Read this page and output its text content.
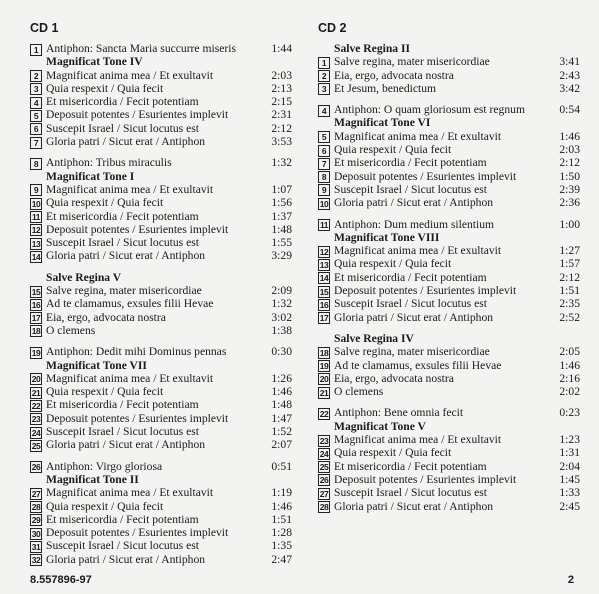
CD 1
1 Antiphon: Sancta Maria succurre miseris	1:44
Magnificat Tone IV
2 Magnificat anima mea / Et exultavit	2:03
3 Quia respexit / Quia fecit	2:13
4 Et misericordia / Fecit potentiam	2:15
5 Deposuit potentes / Esurientes implevit	2:31
6 Suscepit Israel / Sicut locutus est	2:12
7 Gloria patri / Sicut erat / Antiphon	3:53
8 Antiphon: Tribus miraculis	1:32
Magnificat Tone I
9 Magnificat anima mea / Et exultavit	1:07
10 Quia respexit / Quia fecit	1:56
11 Et misericordia / Fecit potentiam	1:37
12 Deposuit potentes / Esurientes implevit	1:48
13 Suscepit Israel / Sicut locutus est	1:55
14 Gloria patri / Sicut erat / Antiphon	3:29
Salve Regina V
15 Salve regina, mater misericordiae	2:09
16 Ad te clamamus, exsules filii Hevae	1:32
17 Eia, ergo, advocata nostra	3:02
18 O clemens	1:38
19 Antiphon: Dedit mihi Dominus pennas	0:30
Magnificat Tone VII
20 Magnificat anima mea / Et exultavit	1:26
21 Quia respexit / Quia fecit	1:46
22 Et misericordia / Fecit potentiam	1:48
23 Deposuit potentes / Esurientes implevit	1:47
24 Suscepit Israel / Sicut locutus est	1:52
25 Gloria patri / Sicut erat / Antiphon	2:07
26 Antiphon: Virgo gloriosa	0:51
Magnificat Tone II
27 Magnificat anima mea / Et exultavit	1:19
28 Quia respexit / Quia fecit	1:46
29 Et misericordia / Fecit potentiam	1:51
30 Deposuit potentes / Esurientes implevit	1:28
31 Suscepit Israel / Sicut locutus est	1:35
32 Gloria patri / Sicut erat / Antiphon	2:47
CD 2
Salve Regina II
1 Salve regina, mater misericordiae	3:41
2 Eia, ergo, advocata nostra	2:43
3 Et Jesum, benedictum	3:42
4 Antiphon: O quam gloriosum est regnum	0:54
Magnificat Tone VI
5 Magnificat anima mea / Et exultavit	1:46
6 Quia respexit / Quia fecit	2:03
7 Et misericordia / Fecit potentiam	2:12
8 Deposuit potentes / Esurientes implevit	1:50
9 Suscepit Israel / Sicut locutus est	2:39
10 Gloria patri / Sicut erat / Antiphon	2:36
11 Antiphon: Dum medium silentium	1:00
Magnificat Tone VIII
12 Magnificat anima mea / Et exultavit	1:27
13 Quia respexit / Quia fecit	1:57
14 Et misericordia / Fecit potentiam	2:12
15 Deposuit potentes / Esurientes implevit	1:51
16 Suscepit Israel / Sicut locutus est	2:35
17 Gloria patri / Sicut erat / Antiphon	2:52
Salve Regina IV
18 Salve regina, mater misericordiae	2:05
19 Ad te clamamus, exsules filii Hevae	1:46
20 Eia, ergo, advocata nostra	2:16
21 O clemens	2:02
22 Antiphon: Bene omnia fecit	0:23
Magnificat Tone V
23 Magnificat anima mea / Et exultavit	1:23
24 Quia respexit / Quia fecit	1:31
25 Et misericordia / Fecit potentiam	2:04
26 Deposuit potentes / Esurientes implevit	1:45
27 Suscepit Israel / Sicut locutus est	1:33
28 Gloria patri / Sicut erat / Antiphon	2:45
8.557896-97	2
